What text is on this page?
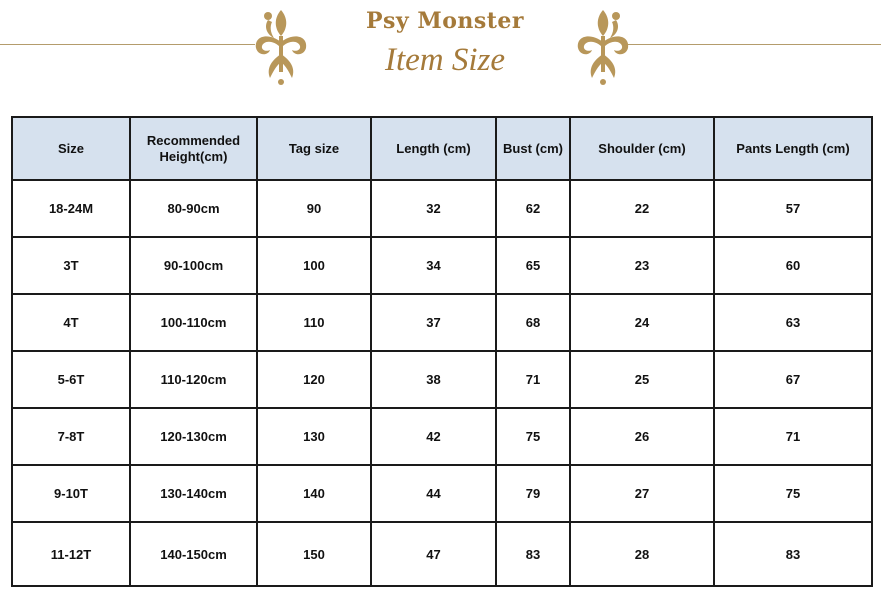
Psy Monster
Item Size
Size	Recommended Height(cm)	Tag size	Length (cm)	Bust (cm)	Shoulder (cm)	Pants Length (cm)
18-24M	80-90cm	90	32	62	22	57
3T	90-100cm	100	34	65	23	60
4T	100-110cm	110	37	68	24	63
5-6T	110-120cm	120	38	71	25	67
7-8T	120-130cm	130	42	75	26	71
9-10T	130-140cm	140	44	79	27	75
11-12T	140-150cm	150	47	83	28	83
